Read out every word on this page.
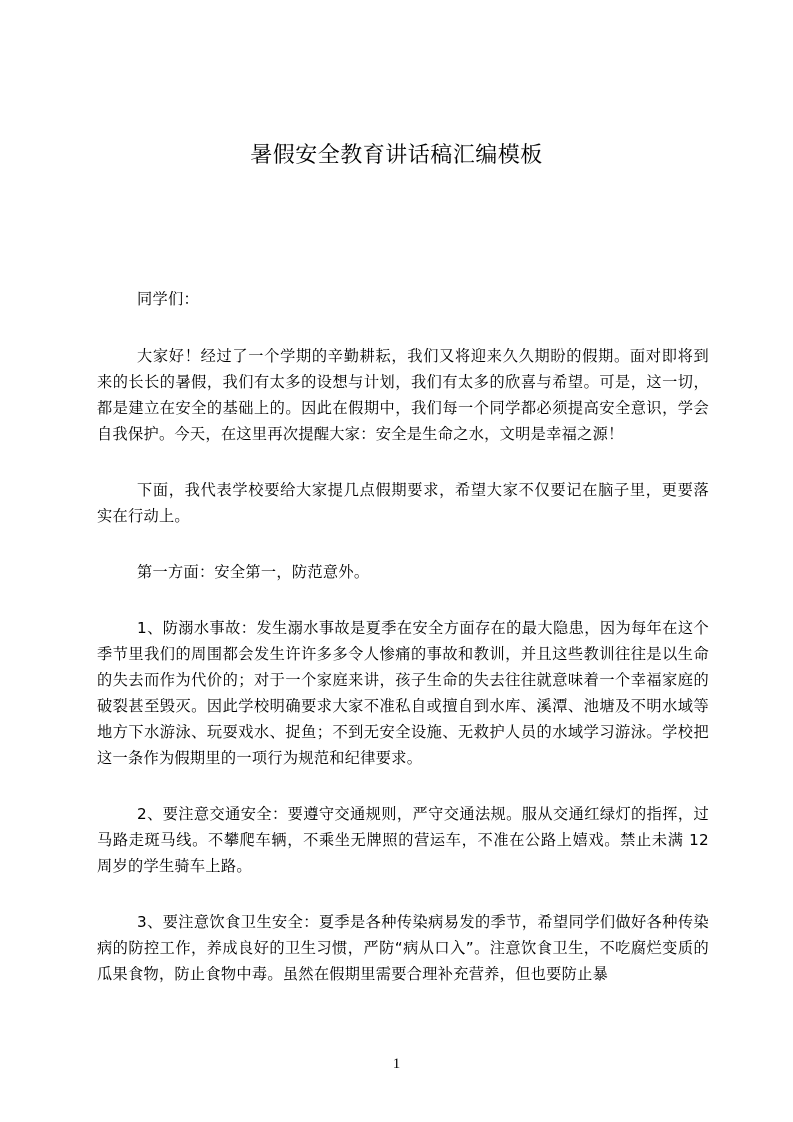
暑假安全教育讲话稿汇编模板

同学们：

大家好！经过了一个学期的辛勤耕耘，我们又将迎来久久期盼的假期。面对即将到来的长长的暑假，我们有太多的设想与计划，我们有太多的欣喜与希望。可是，这一切，都是建立在安全的基础上的。因此在假期中，我们每一个同学都必须提高安全意识，学会自我保护。今天，在这里再次提醒大家：安全是生命之水，文明是幸福之源！

下面，我代表学校要给大家提几点假期要求，希望大家不仅要记在脑子里，更要落实在行动上。

第一方面：安全第一，防范意外。

1、防溺水事故：发生溺水事故是夏季在安全方面存在的最大隐患，因为每年在这个季节里我们的周围都会发生许许多多令人惨痛的事故和教训，并且这些教训往往是以生命的失去而作为代价的；对于一个家庭来讲，孩子生命的失去往往就意味着一个幸福家庭的破裂甚至毁灭。因此学校明确要求大家不准私自或擅自到水库、溪潭、池塘及不明水域等地方下水游泳、玩耍戏水、捉鱼；不到无安全设施、无救护人员的水域学习游泳。学校把这一条作为假期里的一项行为规范和纪律要求。

2、要注意交通安全：要遵守交通规则，严守交通法规。服从交通红绿灯的指挥，过马路走斑马线。不攀爬车辆，不乘坐无牌照的营运车，不准在公路上嬉戏。禁止未满 12 周岁的学生骑车上路。

3、要注意饮食卫生安全：夏季是各种传染病易发的季节，希望同学们做好各种传染病的防控工作，养成良好的卫生习惯，严防“病从口入”。注意饮食卫生，不吃腐烂变质的瓜果食物，防止食物中毒。虽然在假期里需要合理补充营养，但也要防止暴

1
